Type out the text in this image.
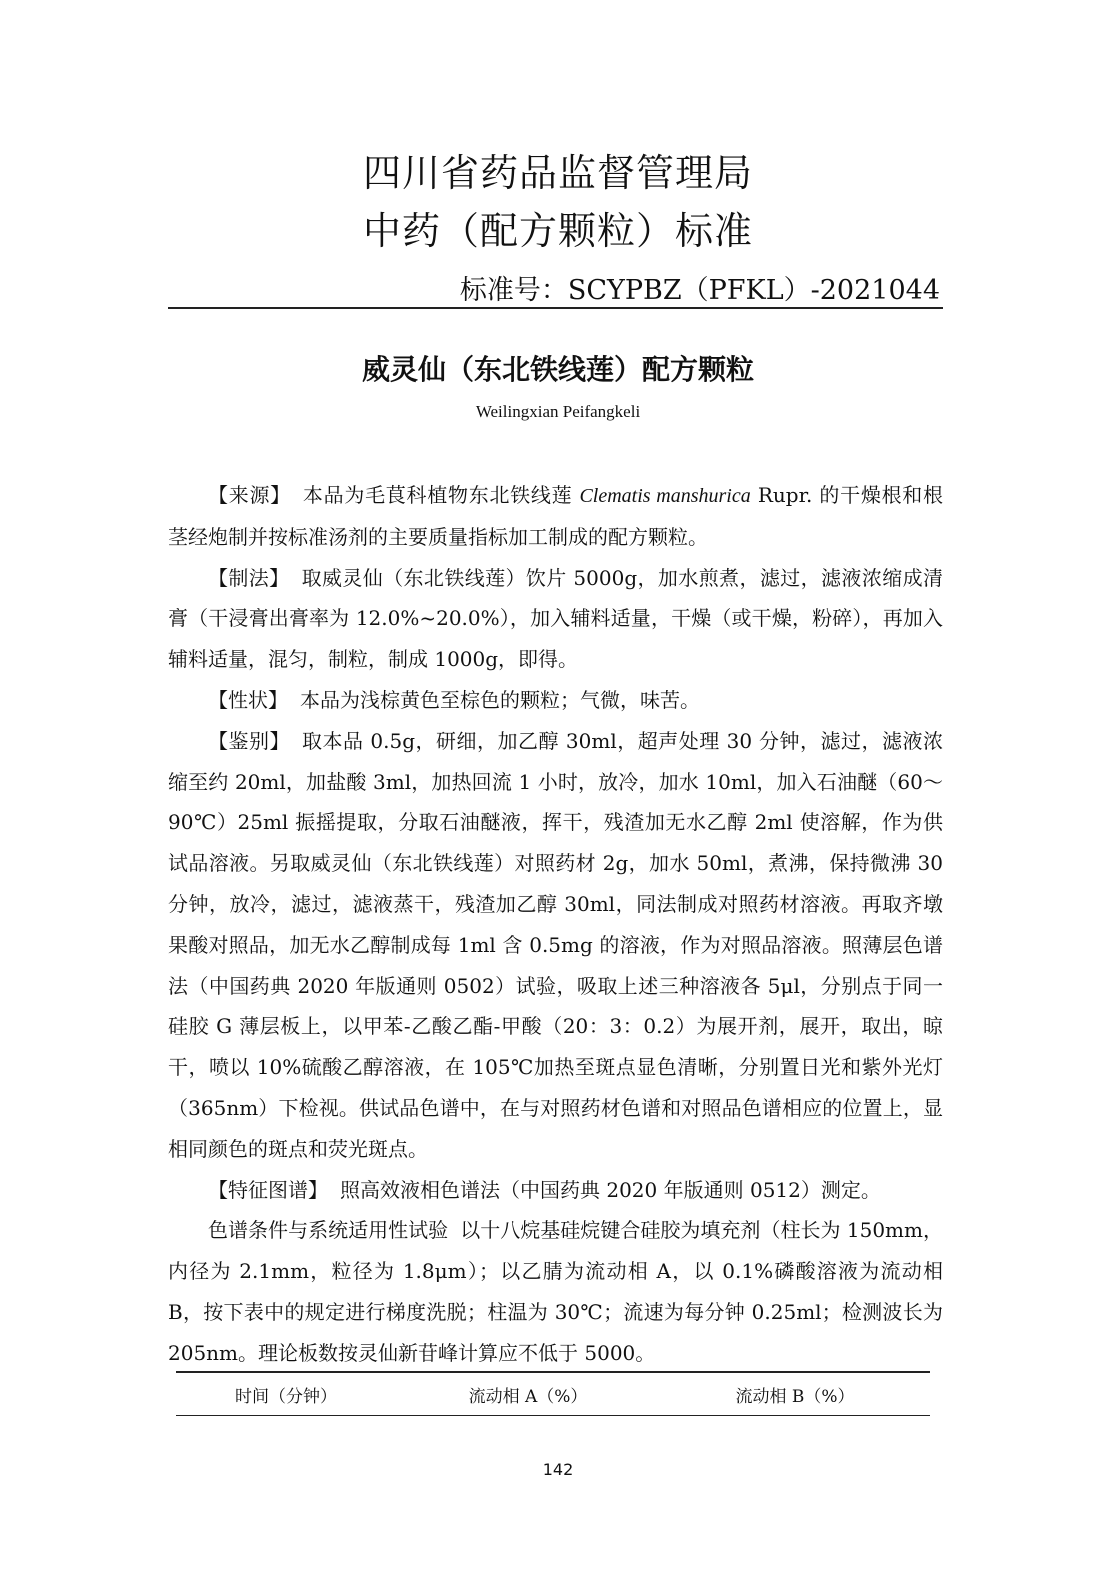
四川省药品监督管理局
中药（配方颗粒）标准
标准号：SCYPBZ（PFKL）-2021044
威灵仙（东北铁线莲）配方颗粒
Weilingxian Peifangkeli

【来源】 本品为毛茛科植物东北铁线莲 Clematis manshurica Rupr. 的干燥根和根茎经炮制并按标准汤剂的主要质量指标加工制成的配方颗粒。

【制法】 取威灵仙（东北铁线莲）饮片 5000g，加水煎煮，滤过，滤液浓缩成清膏（干浸膏出膏率为 12.0%~20.0%），加入辅料适量，干燥（或干燥，粉碎），再加入辅料适量，混匀，制粒，制成 1000g，即得。

【性状】 本品为浅棕黄色至棕色的颗粒；气微，味苦。

【鉴别】 取本品 0.5g，研细，加乙醇 30ml，超声处理 30 分钟，滤过，滤液浓缩至约 20ml，加盐酸 3ml，加热回流 1 小时，放冷，加水 10ml，加入石油醚（60～90℃）25ml 振摇提取，分取石油醚液，挥干，残渣加无水乙醇 2ml 使溶解，作为供试品溶液。另取威灵仙（东北铁线莲）对照药材 2g，加水 50ml，煮沸，保持微沸 30 分钟，放冷，滤过，滤液蒸干，残渣加乙醇 30ml，同法制成对照药材溶液。再取齐墩果酸对照品，加无水乙醇制成每 1ml 含 0.5mg 的溶液，作为对照品溶液。照薄层色谱法（中国药典 2020 年版通则 0502）试验，吸取上述三种溶液各 5μl，分别点于同一硅胶 G 薄层板上，以甲苯-乙酸乙酯-甲酸（20：3：0.2）为展开剂，展开，取出，晾干，喷以 10%硫酸乙醇溶液，在 105℃加热至斑点显色清晰，分别置日光和紫外光灯（365nm）下检视。供试品色谱中，在与对照药材色谱和对照品色谱相应的位置上，显相同颜色的斑点和荧光斑点。

【特征图谱】 照高效液相色谱法（中国药典 2020 年版通则 0512）测定。

色谱条件与系统适用性试验 以十八烷基硅烷键合硅胶为填充剂（柱长为 150mm，内径为 2.1mm，粒径为 1.8μm）；以乙腈为流动相 A，以 0.1%磷酸溶液为流动相 B，按下表中的规定进行梯度洗脱；柱温为 30℃；流速为每分钟 0.25ml；检测波长为 205nm。理论板数按灵仙新苷峰计算应不低于 5000。

时间（分钟）	流动相 A（%）	流动相 B（%）
142
